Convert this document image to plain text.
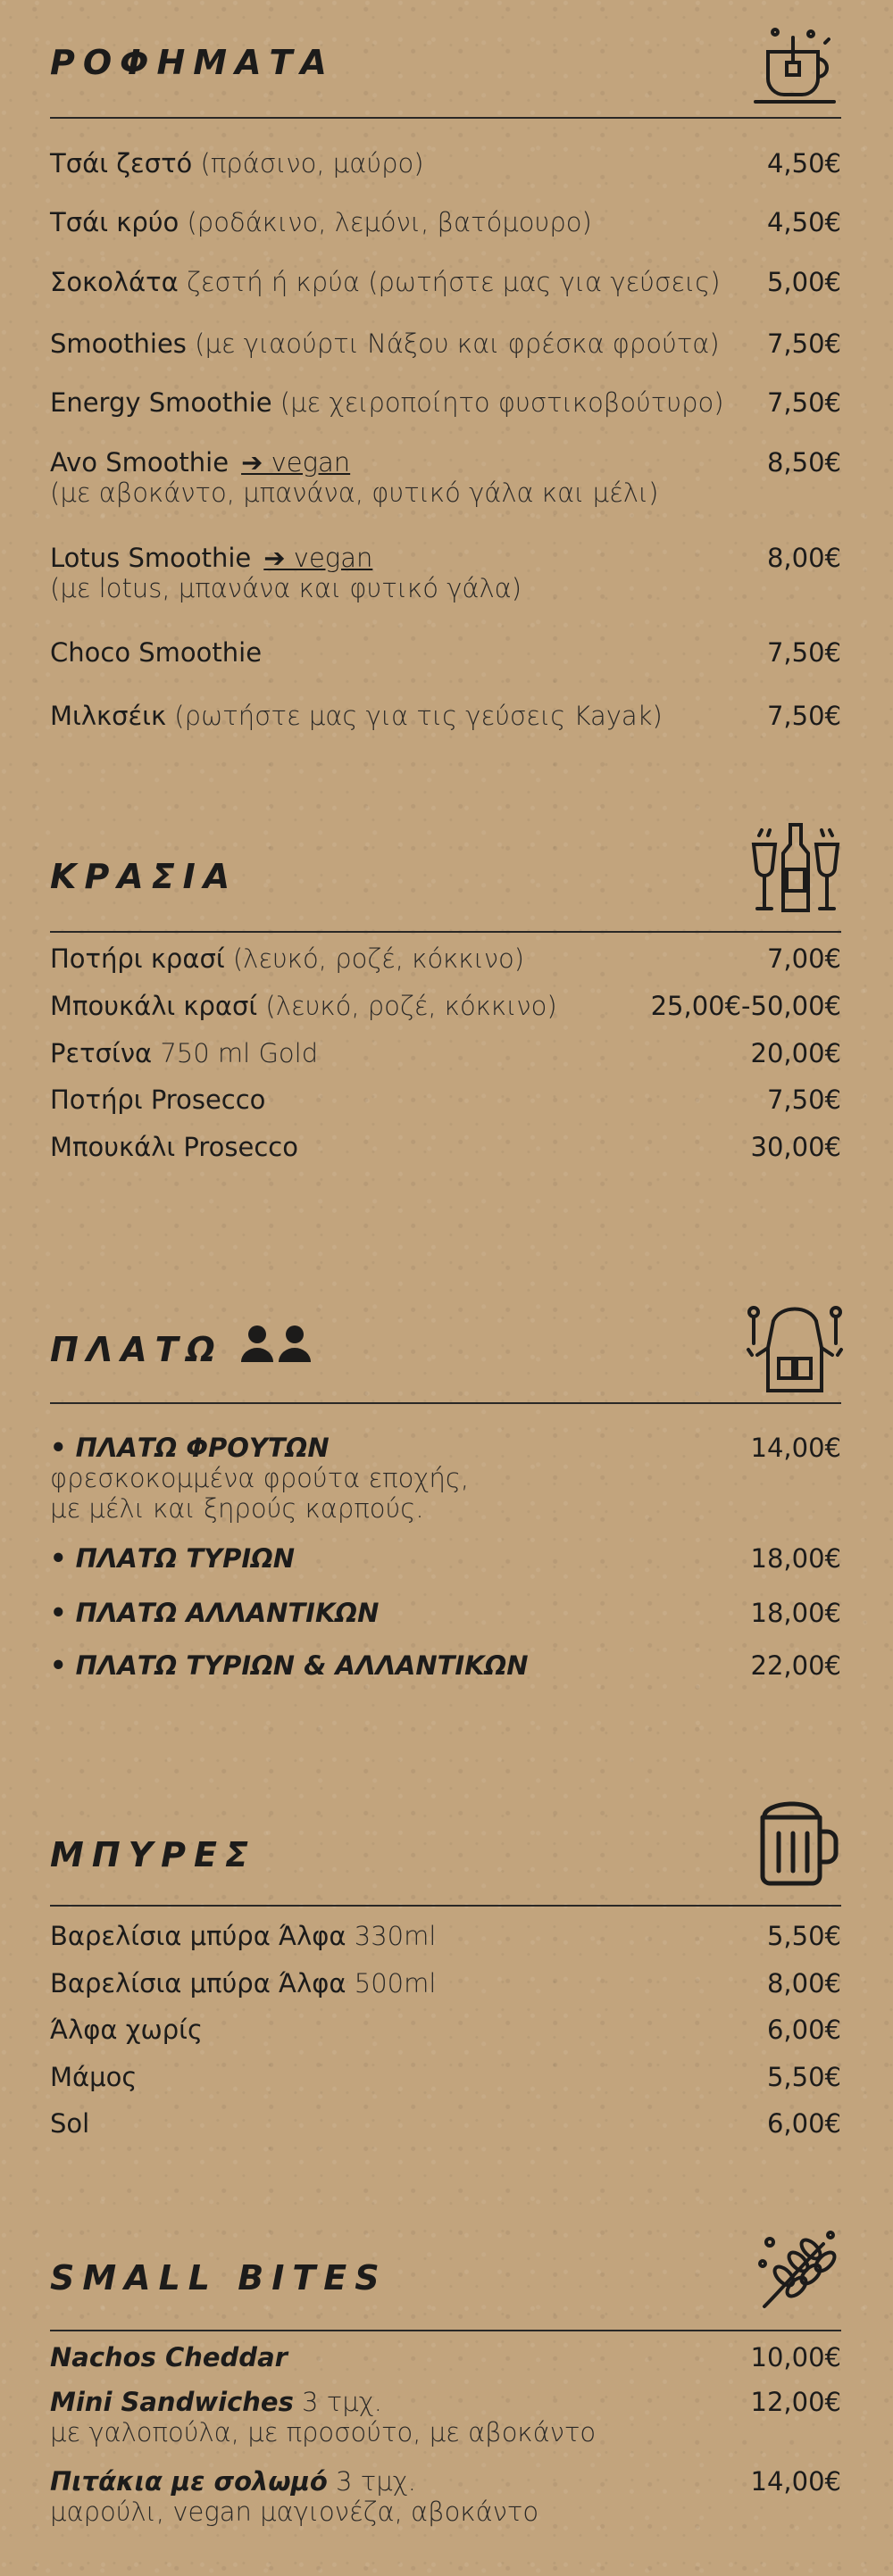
ΡΟΦΗΜΑΤΑ
Τσάι ζεστό (πράσινο, μαύρο)	4,50€
Τσάι κρύο (ροδάκινο, λεμόνι, βατόμουρο)	4,50€
Σοκολάτα ζεστή ή κρύα (ρωτήστε μας για γεύσεις) 5,00€
Smoothies (με γιαούρτι Νάξου και φρέσκα φρούτα) 7,50€
Energy Smoothie (με χειροποίητο φυστικοβούτυρο) 7,50€
Avo Smoothie ➔ vegan
(με αβοκάντο, μπανάνα, φυτικό γάλα και μέλι)
8,50€
Lotus Smoothie ➔ vegan
(με lotus, μπανάνα και φυτικό γάλα)
8,00€
Choco Smoothie	7,50€
Μιλκσέικ (ρωτήστε μας για τις γεύσεις Kayak)	7,50€
ΚΡΑΣΙΑ
Ποτήρι κρασί (λευκό, ροζέ, κόκκινο)	7,00€
Μπουκάλι κρασί (λευκό, ροζέ, κόκκινο)	25,00€-50,00€
Ρετσίνα 750 ml Gold	20,00€
Ποτήρι Prosecco	7,50€
Μπουκάλι Prosecco	30,00€
ΠΛΑΤΩ
• ΠΛΑΤΩ ΦΡΟΥΤΩΝ
φρεσκοκομμένα φρούτα εποχής,
με μέλι και ξηρούς καρπούς.
14,00€
• ΠΛΑΤΩ ΤΥΡΙΩΝ	18,00€
• ΠΛΑΤΩ ΑΛΛΑΝΤΙΚΩΝ	18,00€
• ΠΛΑΤΩ ΤΥΡΙΩΝ & ΑΛΛΑΝΤΙΚΩΝ	22,00€
ΜΠΥΡΕΣ
Βαρελίσια μπύρα Άλφα 330ml	5,50€
Βαρελίσια μπύρα Άλφα 500ml	8,00€
Άλφα χωρίς	6,00€
Μάμος	5,50€
Sol	6,00€
SMALL BITES
Nachos Cheddar	10,00€
Mini Sandwiches 3 τμχ.
με γαλοπούλα, με προσούτο, με αβοκάντο
12,00€
Πιτάκια με σολωμό 3 τμχ.
μαρούλι, vegan μαγιονέζα, αβοκάντο
14,00€
